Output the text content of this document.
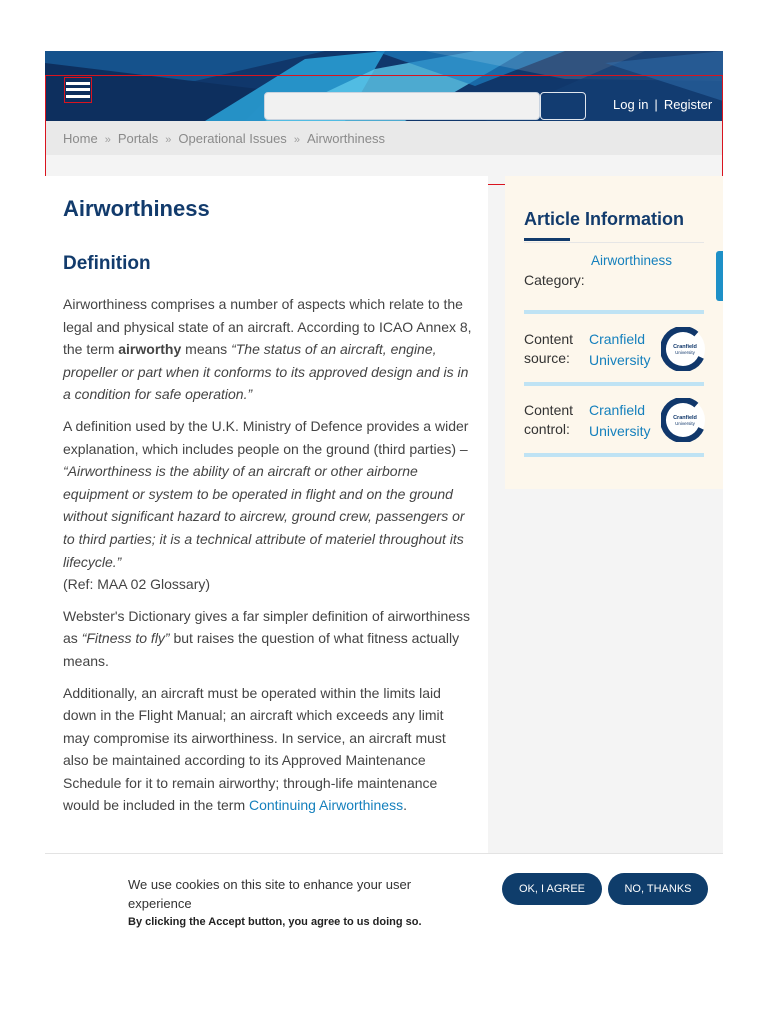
Log in | Register
Home » Portals » Operational Issues » Airworthiness
Airworthiness
Definition

Airworthiness comprises a number of aspects which relate to the legal and physical state of an aircraft. According to ICAO Annex 8, the term airworthy means “The status of an aircraft, engine, propeller or part when it conforms to its approved design and is in a condition for safe operation.”

A definition used by the U.K. Ministry of Defence provides a wider explanation, which includes people on the ground (third parties) – “Airworthiness is the ability of an aircraft or other airborne equipment or system to be operated in flight and on the ground without significant hazard to aircrew, ground crew, passengers or to third parties; it is a technical attribute of materiel throughout its lifecycle.”
(Ref: MAA 02 Glossary)

Webster's Dictionary gives a far simpler definition of airworthiness as “Fitness to fly” but raises the question of what fitness actually means.

Additionally, an aircraft must be operated within the limits laid down in the Flight Manual; an aircraft which exceeds any limit may compromise its airworthiness. In service, an aircraft must also be maintained according to its Approved Maintenance Schedule for it to remain airworthy; through-life maintenance would be included in the term Continuing Airworthiness.

Article Information
Category:
Airworthiness
Content source:
Cranfield University
Cranfield
University
Content control:
Cranfield University
Cranfield
University
We use cookies on this site to enhance your user experience
By clicking the Accept button, you agree to us doing so.
OK, I AGREE	NO, THANKS
